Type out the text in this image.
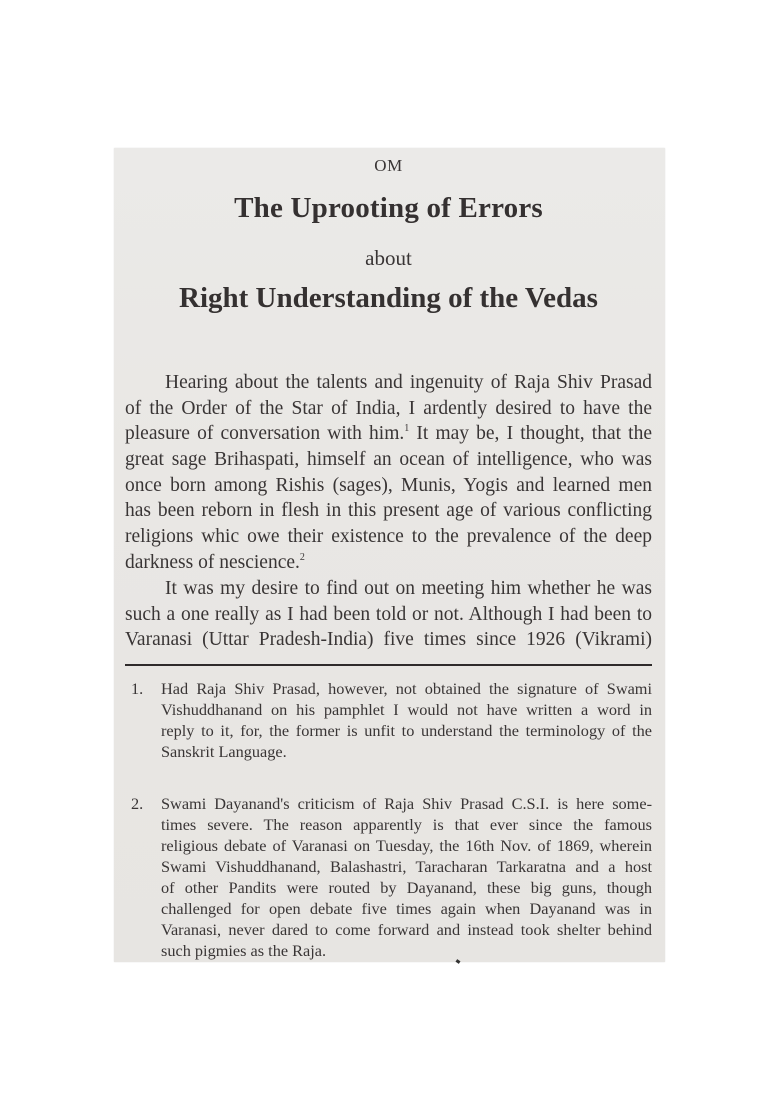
OM
The Uprooting of Errors
about
Right Understanding of the Vedas
Hearing about the talents and ingenuity of Raja Shiv Prasad
of the Order of the Star of India, I ardently desired to have the
pleasure of conversation with him.$^1$ It may be, I thought, that the
great sage Brihaspati, himself an ocean of intelligence, who was
once born among Rishis (sages), Munis, Yogis and learned men
has been reborn in flesh in this present age of various conflicting
religions whic owe their existence to the prevalence of the deep
darkness of nescience.$^2$
It was my desire to find out on meeting him whether he was
such a one really as I had been told or not. Although I had been to
Varanasi (Uttar Pradesh-India) five times since 1926 (Vikrami)
1. Had Raja Shiv Prasad, however, not obtained the signature of Swami
Vishuddhanand on his pamphlet I would not have written a word in
reply to it, for, the former is unfit to understand the terminology of the
Sanskrit Language.
2. Swami Dayanand's criticism of Raja Shiv Prasad C.S.I. is here some-
times severe. The reason apparently is that ever since the famous
religious debate of Varanasi on Tuesday, the 16th Nov. of 1869, wherein
Swami Vishuddhanand, Balashastri, Taracharan Tarkaratna and a host
of other Pandits were routed by Dayanand, these big guns, though
challenged for open debate five times again when Dayanand was in
Varanasi, never dared to come forward and instead took shelter behind
such pigmies as the Raja.
